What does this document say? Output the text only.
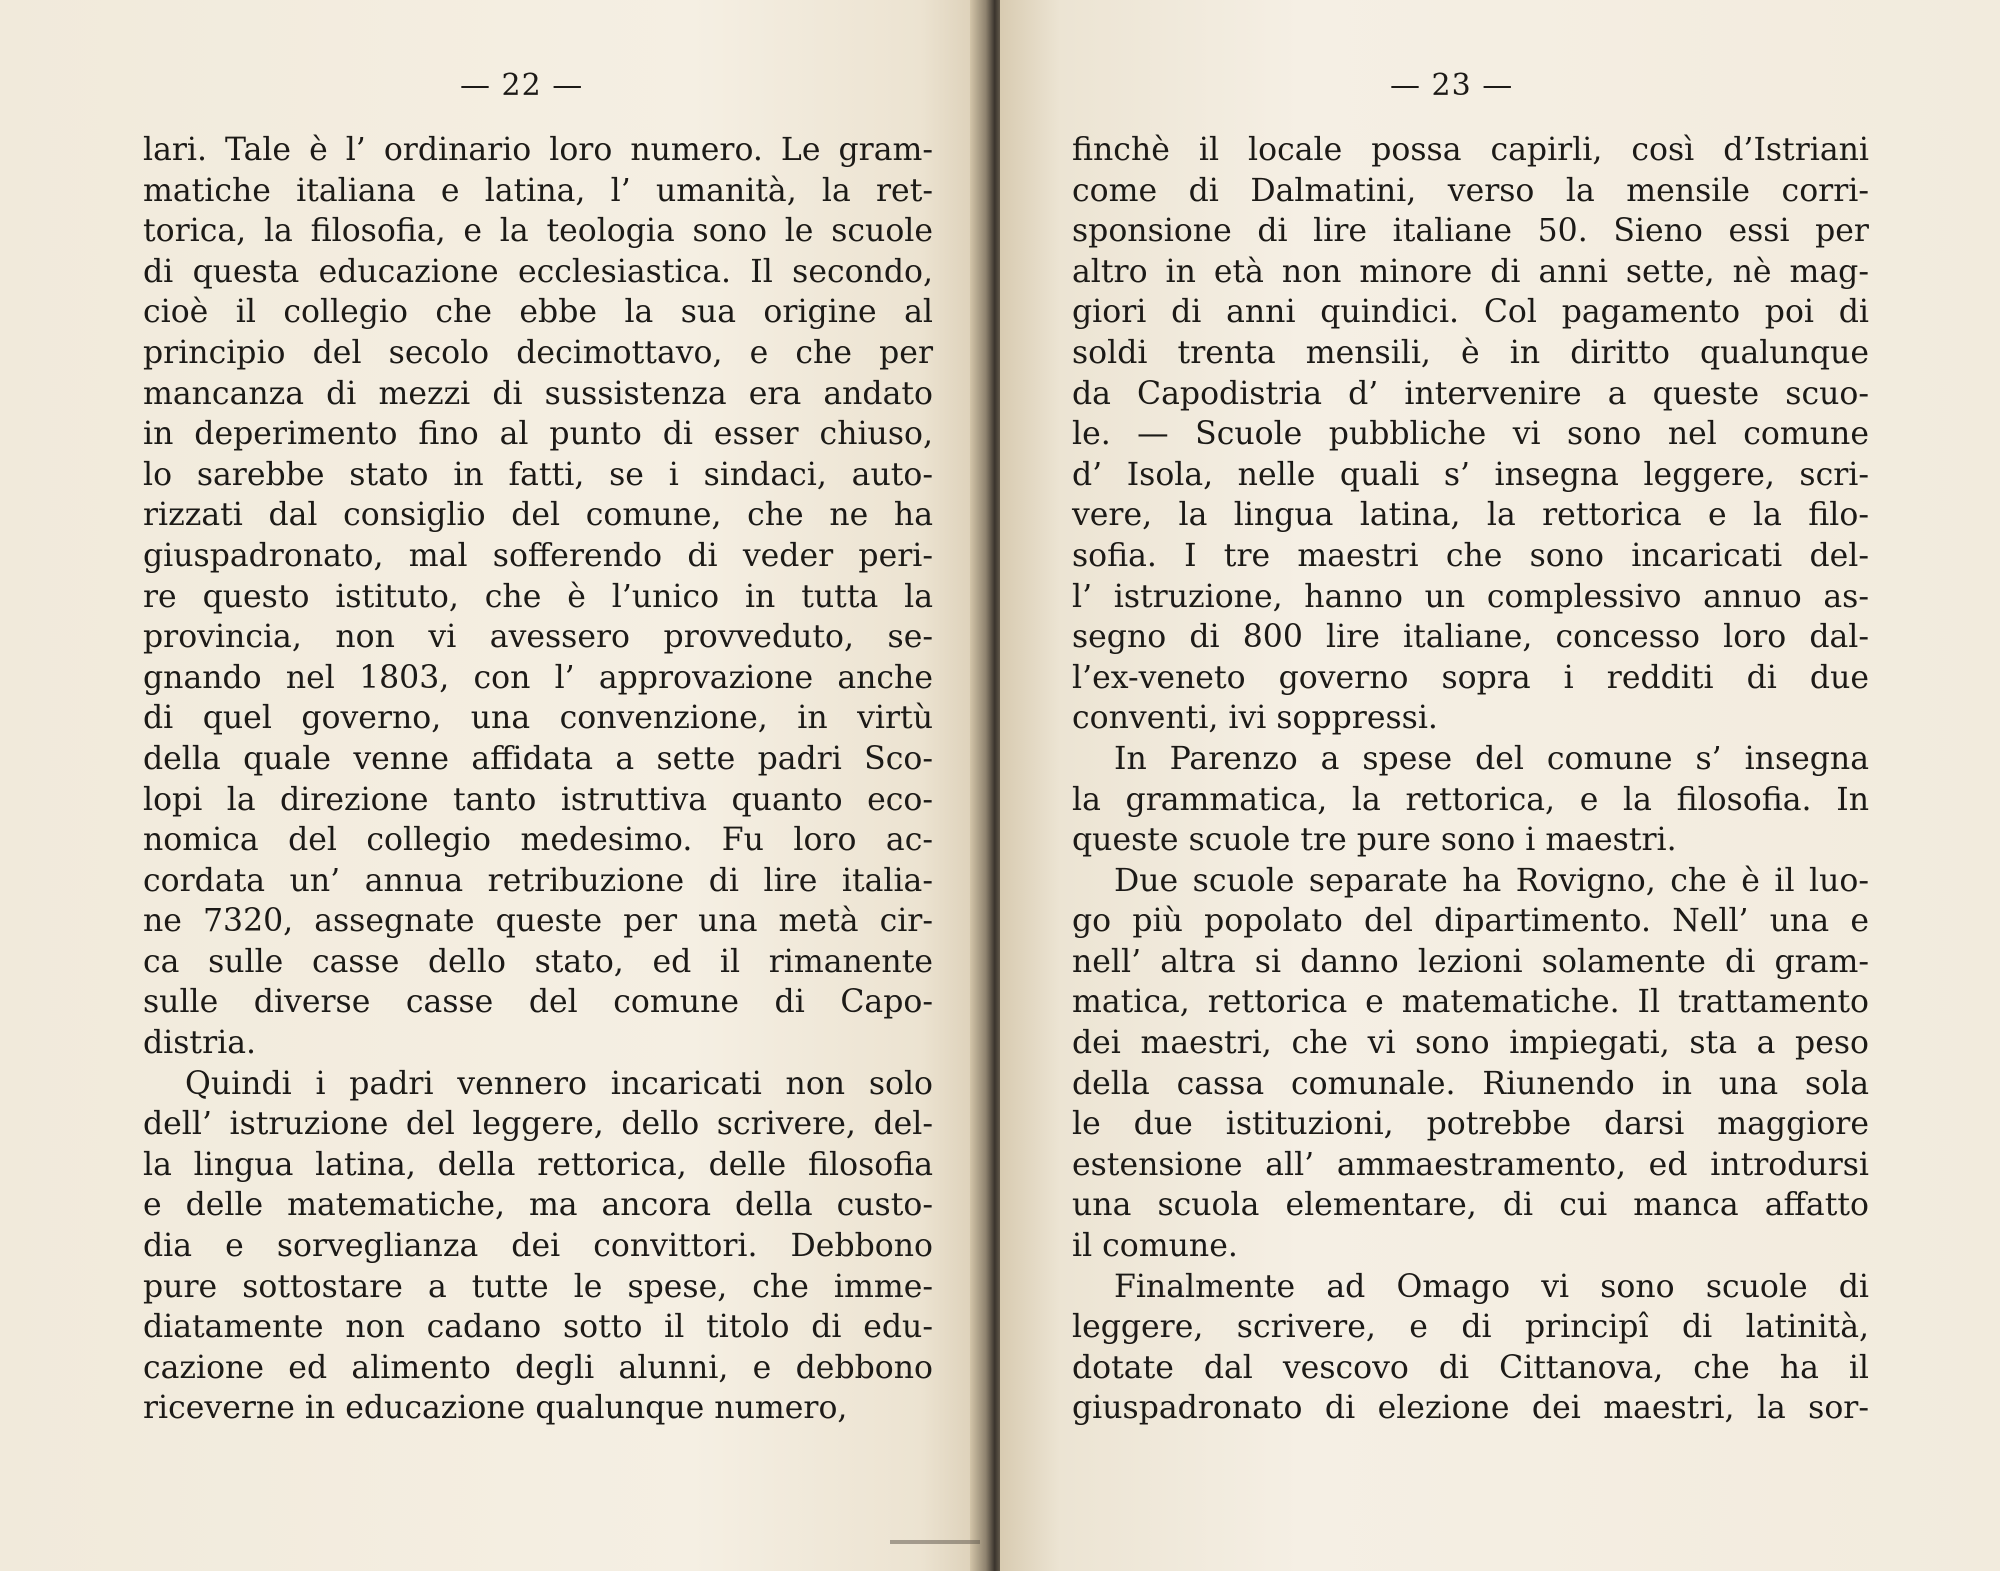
— 22 —
lari. Tale è l’ ordinario loro numero. Le gram-
matiche italiana e latina, l’ umanità, la ret-
torica, la filosofia, e la teologia sono le scuole
di questa educazione ecclesiastica. Il secondo,
cioè il collegio che ebbe la sua origine al
principio del secolo decimottavo, e che per
mancanza di mezzi di sussistenza era andato
in deperimento fino al punto di esser chiuso,
lo sarebbe stato in fatti, se i sindaci, auto-
rizzati dal consiglio del comune, che ne ha
giuspadronato, mal sofferendo di veder peri-
re questo istituto, che è l’unico in tutta la
provincia, non vi avessero provveduto, se-
gnando nel 1803, con l’ approvazione anche
di quel governo, una convenzione, in virtù
della quale venne affidata a sette padri Sco-
lopi la direzione tanto istruttiva quanto eco-
nomica del collegio medesimo. Fu loro ac-
cordata un’ annua retribuzione di lire italia-
ne 7320, assegnate queste per una metà cir-
ca sulle casse dello stato, ed il rimanente
sulle diverse casse del comune di Capo-
distria.
Quindi i padri vennero incaricati non solo
dell’ istruzione del leggere, dello scrivere, del-
la lingua latina, della rettorica, delle filosofia
e delle matematiche, ma ancora della custo-
dia e sorveglianza dei convittori. Debbono
pure sottostare a tutte le spese, che imme-
diatamente non cadano sotto il titolo di edu-
cazione ed alimento degli alunni, e debbono
riceverne in educazione qualunque numero,
— 23 —
finchè il locale possa capirli, così d’Istriani
come di Dalmatini, verso la mensile corri-
sponsione di lire italiane 50. Sieno essi per
altro in età non minore di anni sette, nè mag-
giori di anni quindici. Col pagamento poi di
soldi trenta mensili, è in diritto qualunque
da Capodistria d’ intervenire a queste scuo-
le. — Scuole pubbliche vi sono nel comune
d’ Isola, nelle quali s’ insegna leggere, scri-
vere, la lingua latina, la rettorica e la filo-
sofia. I tre maestri che sono incaricati del-
l’ istruzione, hanno un complessivo annuo as-
segno di 800 lire italiane, concesso loro dal-
l’ex-veneto governo sopra i redditi di due
conventi, ivi soppressi.
In Parenzo a spese del comune s’ insegna
la grammatica, la rettorica, e la filosofia. In
queste scuole tre pure sono i maestri.
Due scuole separate ha Rovigno, che è il luo-
go più popolato del dipartimento. Nell’ una e
nell’ altra si danno lezioni solamente di gram-
matica, rettorica e matematiche. Il trattamento
dei maestri, che vi sono impiegati, sta a peso
della cassa comunale. Riunendo in una sola
le due istituzioni, potrebbe darsi maggiore
estensione all’ ammaestramento, ed introdursi
una scuola elementare, di cui manca affatto
il comune.
Finalmente ad Omago vi sono scuole di
leggere, scrivere, e di principî di latinità,
dotate dal vescovo di Cittanova, che ha il
giuspadronato di elezione dei maestri, la sor-
